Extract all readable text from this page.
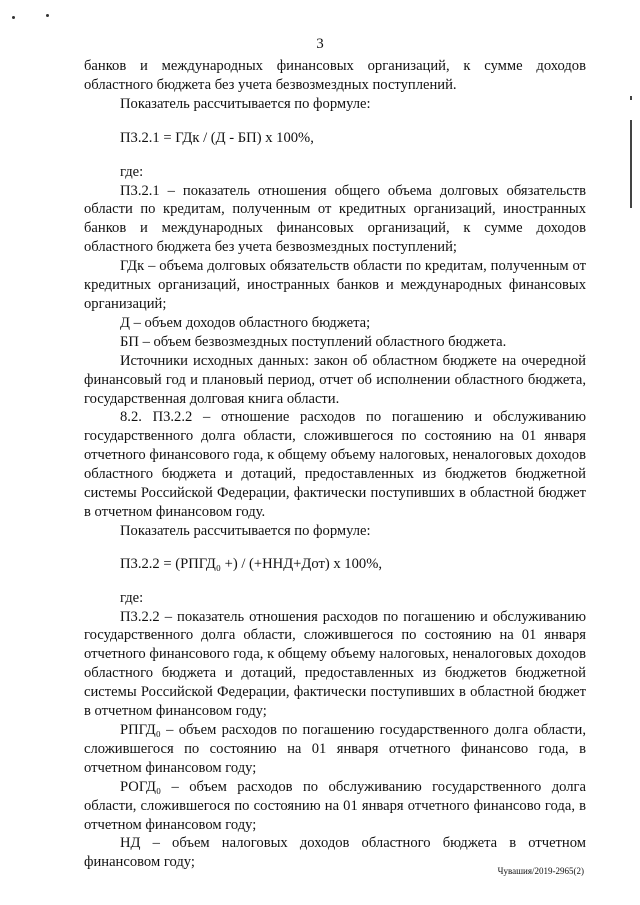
3

банков и международных финансовых организаций, к сумме доходов областного бюджета без учета безвозмездных поступлений.

Показатель рассчитывается по формуле:

П3.2.1 = ГДк / (Д - БП) x 100%,

где:

П3.2.1 – показатель отношения общего объема долговых обязательств области по кредитам, полученным от кредитных организаций, иностранных банков и международных финансовых организаций, к сумме доходов областного бюджета без учета безвозмездных поступлений;

ГДк – объема долговых обязательств области по кредитам, полученным от кредитных организаций, иностранных банков и международных финансовых организаций;

Д – объем доходов областного бюджета;

БП – объем безвозмездных поступлений областного бюджета.

Источники исходных данных: закон об областном бюджете на очередной финансовый год и плановый период, отчет об исполнении областного бюджета, государственная долговая книга области.

8.2. П3.2.2 – отношение расходов по погашению и обслуживанию государственного долга области, сложившегося по состоянию на 01 января отчетного финансового года, к общему объему налоговых, неналоговых доходов областного бюджета и дотаций, предоставленных из бюджетов бюджетной системы Российской Федерации, фактически поступивших в областной бюджет в отчетном финансовом году.

Показатель рассчитывается по формуле:

П3.2.2 = (РПГД₀ +) / (+ННД+Дот) x 100%,

где:

П3.2.2 – показатель отношения расходов по погашению и обслуживанию государственного долга области, сложившегося по состоянию на 01 января отчетного финансового года, к общему объему налоговых, неналоговых доходов областного бюджета и дотаций, предоставленных из бюджетов бюджетной системы Российской Федерации, фактически поступивших в областной бюджет в отчетном финансовом году;

РПГД₀ – объем расходов по погашению государственного долга области, сложившегося по состоянию на 01 января отчетного финансово года, в отчетном финансовом году;

РОГД₀ – объем расходов по обслуживанию государственного долга области, сложившегося по состоянию на 01 января отчетного финансово года, в отчетном финансовом году;

НД – объем налоговых доходов областного бюджета в отчетном финансовом году;

Чувашия/2019-2965(2)
